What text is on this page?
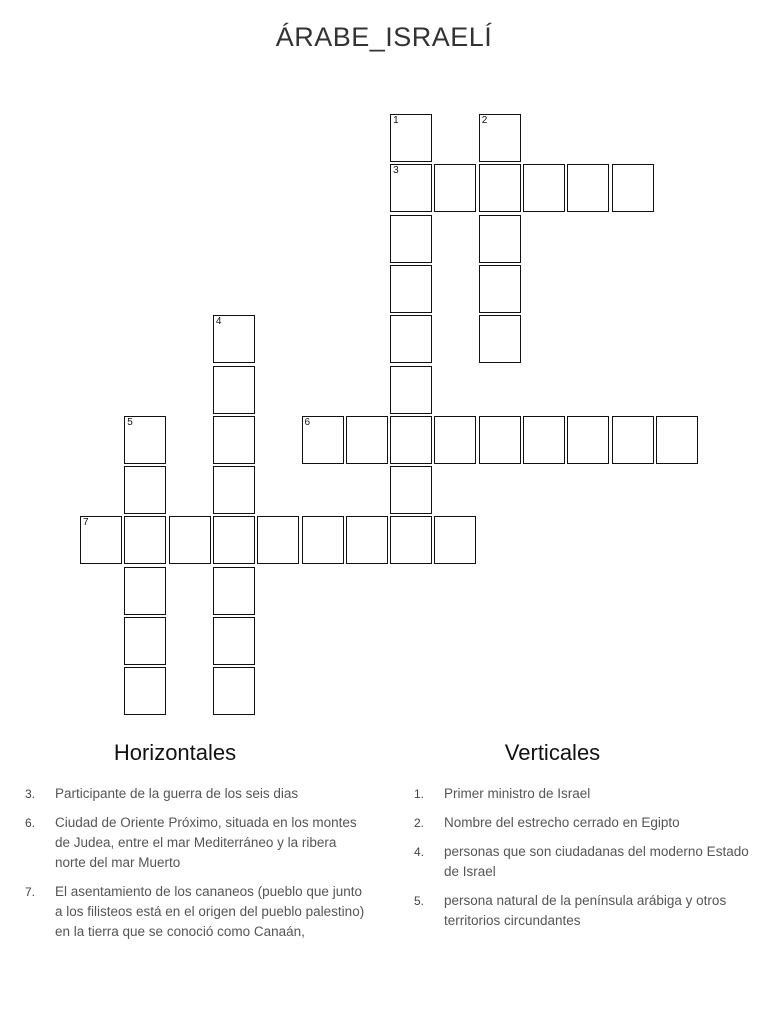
ÁRABE_ISRAELÍ
1
3
2
4
5	6
7
Horizontales	Verticales
3. Participante de la guerra de los seis dias
6. Ciudad de Oriente Próximo, situada en los montes de Judea, entre el mar Mediterráneo y la ribera norte del mar Muerto
7. El asentamiento de los cananeos (pueblo que junto a los filisteos está en el origen del pueblo palestino) en la tierra que se conoció como Canaán,
1. Primer ministro de Israel
2. Nombre del estrecho cerrado en Egipto
4. personas que son ciudadanas del moderno Estado de Israel
5. persona natural de la península arábiga y otros territorios circundantes
